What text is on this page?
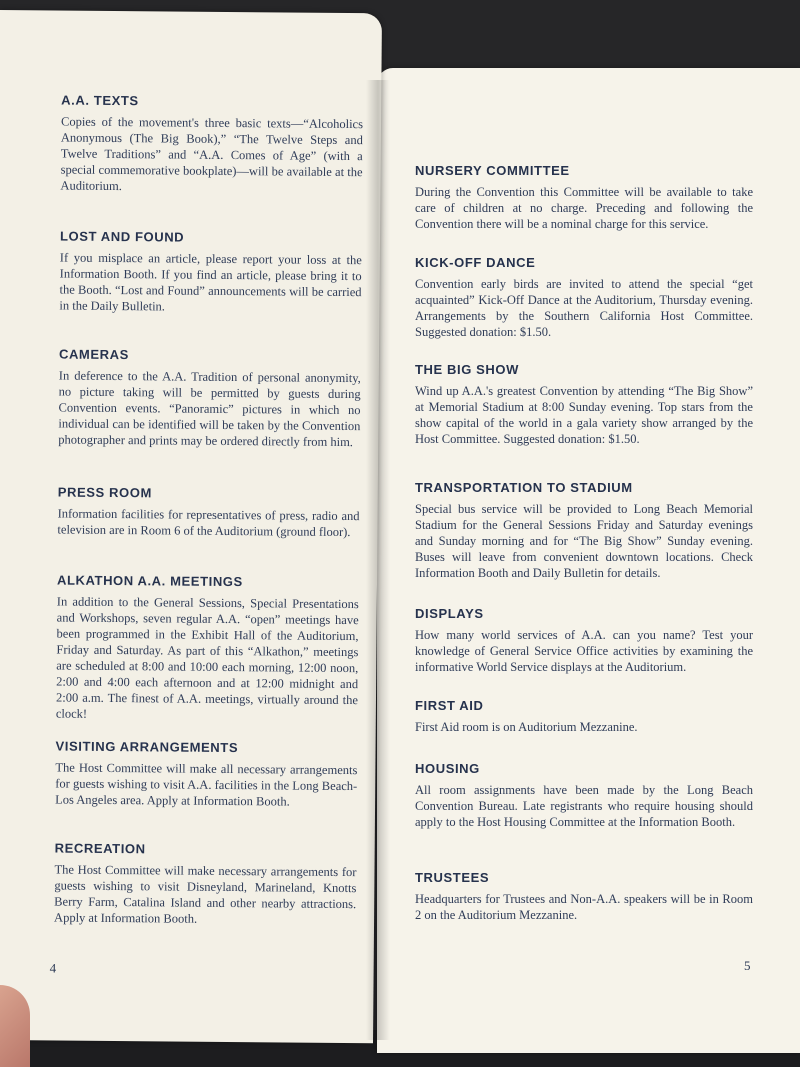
NURSERY COMMITTEE

During the Convention this Committee will be available to take care of children at no charge. Preceding and following the Convention there will be a nominal charge for this service.

KICK-OFF DANCE

Convention early birds are invited to attend the special “get acquainted” Kick-Off Dance at the Auditorium, Thursday evening. Arrangements by the Southern California Host Committee. Suggested donation: $1.50.

THE BIG SHOW

Wind up A.A.'s greatest Convention by attending “The Big Show” at Memorial Stadium at 8:00 Sunday evening. Top stars from the show capital of the world in a gala variety show arranged by the Host Committee. Suggested donation: $1.50.

TRANSPORTATION TO STADIUM

Special bus service will be provided to Long Beach Memorial Stadium for the General Sessions Friday and Saturday evenings and Sunday morning and for “The Big Show” Sunday evening. Buses will leave from convenient downtown locations. Check Information Booth and Daily Bulletin for details.

DISPLAYS

How many world services of A.A. can you name? Test your knowledge of General Service Office activities by examining the informative World Service displays at the Auditorium.

FIRST AID

First Aid room is on Auditorium Mezzanine.

HOUSING

All room assignments have been made by the Long Beach Convention Bureau. Late registrants who require housing should apply to the Host Housing Committee at the Information Booth.

TRUSTEES

Headquarters for Trustees and Non-A.A. speakers will be in Room 2 on the Auditorium Mezzanine.

5
A.A. TEXTS

Copies of the movement's three basic texts—“Alcoholics Anonymous (The Big Book),” “The Twelve Steps and Twelve Traditions” and “A.A. Comes of Age” (with a special commemorative bookplate)—will be available at the Auditorium.

LOST AND FOUND

If you misplace an article, please report your loss at the Information Booth. If you find an article, please bring it to the Booth. “Lost and Found” announcements will be carried in the Daily Bulletin.

CAMERAS

In deference to the A.A. Tradition of personal anonymity, no picture taking will be permitted by guests during Convention events. “Panoramic” pictures in which no individual can be identified will be taken by the Convention photographer and prints may be ordered directly from him.

PRESS ROOM

Information facilities for representatives of press, radio and television are in Room 6 of the Auditorium (ground floor).

ALKATHON A.A. MEETINGS

In addition to the General Sessions, Special Presentations and Workshops, seven regular A.A. “open” meetings have been programmed in the Exhibit Hall of the Auditorium, Friday and Saturday. As part of this “Alkathon,” meetings are scheduled at 8:00 and 10:00 each morning, 12:00 noon, 2:00 and 4:00 each afternoon and at 12:00 midnight and 2:00 a.m. The finest of A.A. meetings, virtually around the clock!

VISITING ARRANGEMENTS

The Host Committee will make all necessary arrangements for guests wishing to visit A.A. facilities in the Long Beach-Los Angeles area. Apply at Information Booth.

RECREATION

The Host Committee will make necessary arrangements for guests wishing to visit Disneyland, Marineland, Knotts Berry Farm, Catalina Island and other nearby attractions. Apply at Information Booth.

4
